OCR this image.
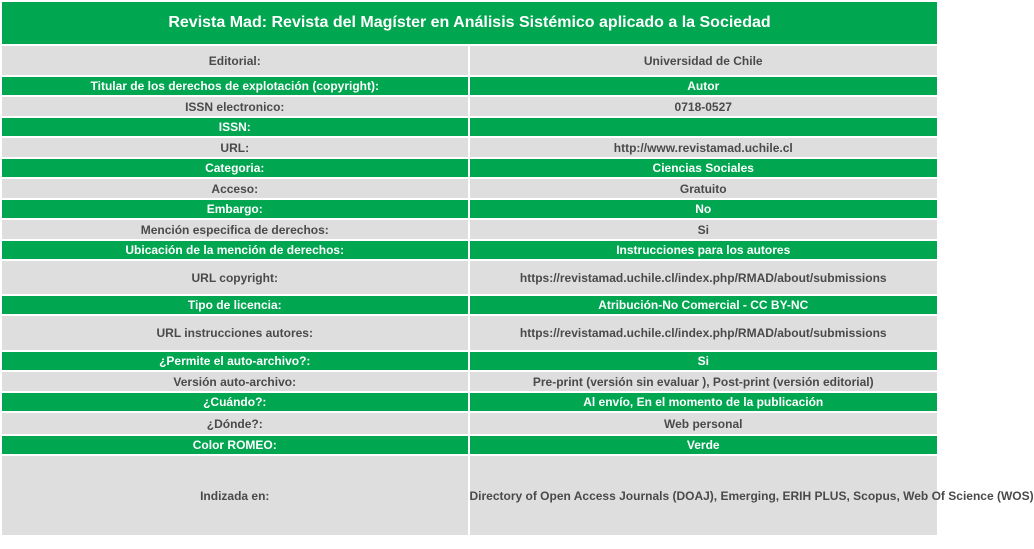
Revista Mad: Revista del Magíster en Análisis Sistémico aplicado a la Sociedad	
Editorial:	Universidad de Chile
Titular de los derechos de explotación (copyright):	Autor
ISSN electronico:	0718-0527
ISSN:	
URL:	http://www.revistamad.uchile.cl
Categoria:	Ciencias Sociales
Acceso:	Gratuito
Embargo:	No
Mención especifica de derechos:	Si
Ubicación de la mención de derechos:	Instrucciones para los autores
URL copyright:	https://revistamad.uchile.cl/index.php/RMAD/about/submissions
Tipo de licencia:	Atribución-No Comercial - CC BY-NC
URL instrucciones autores:	https://revistamad.uchile.cl/index.php/RMAD/about/submissions
¿Permite el auto-archivo?:	Si
Versión auto-archivo:	Pre-print (versión sin evaluar ), Post-print (versión editorial)
¿Cuándo?:	Al envío, En el momento de la publicación
¿Dónde?:	Web personal
Color ROMEO:	Verde
Indizada en:	Directory of Open Access Journals (DOAJ), Emerging, ERIH PLUS, Scopus, Web Of Science (WOS)
